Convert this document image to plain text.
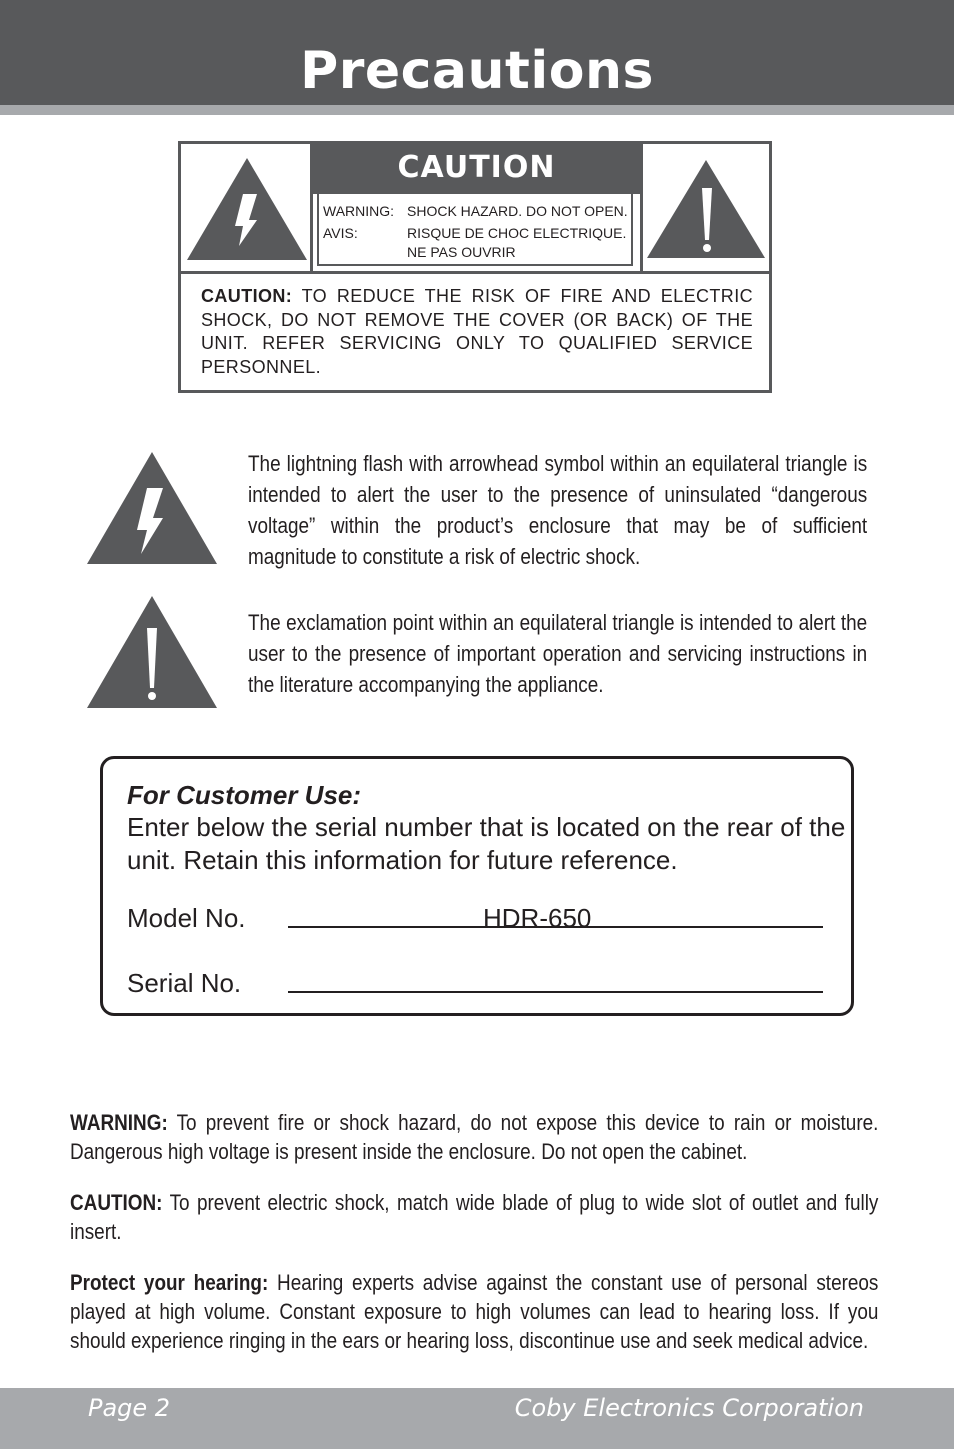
Precautions
CAUTION
WARNING: SHOCK HAZARD. DO NOT OPEN.
AVIS:	RISQUE DE CHOC ELECTRIQUE.
NE PAS OUVRIR
CAUTION: TO REDUCE THE RISK OF FIRE AND ELECTRIC SHOCK, DO NOT REMOVE THE COVER (OR BACK) OF THE UNIT. REFER SERVICING ONLY TO QUALIFIED SERVICE PERSONNEL.
The lightning flash with arrowhead symbol within an equilateral triangle is intended to alert the user to the presence of uninsulated “dangerous voltage” within the product’s enclosure that may be of sufficient magnitude to constitute a risk of electric shock.
The exclamation point within an equilateral triangle is intended to alert the user to the presence of important operation and servicing instructions in the literature accompanying the appliance.
For Customer Use:
Enter below the serial number that is located on the rear of the unit. Retain this information for future reference.
Model No.	HDR-650
Serial No.

WARNING: To prevent fire or shock hazard, do not expose this device to rain or moisture. Dangerous high voltage is present inside the enclosure. Do not open the cabinet.

CAUTION: To prevent electric shock, match wide blade of plug to wide slot of outlet and fully insert.

Protect your hearing: Hearing experts advise against the constant use of personal stereos played at high volume. Constant exposure to high volumes can lead to hearing loss. If you should experience ringing in the ears or hearing loss, discontinue use and seek medical advice.

Page 2	Coby Electronics Corporation
